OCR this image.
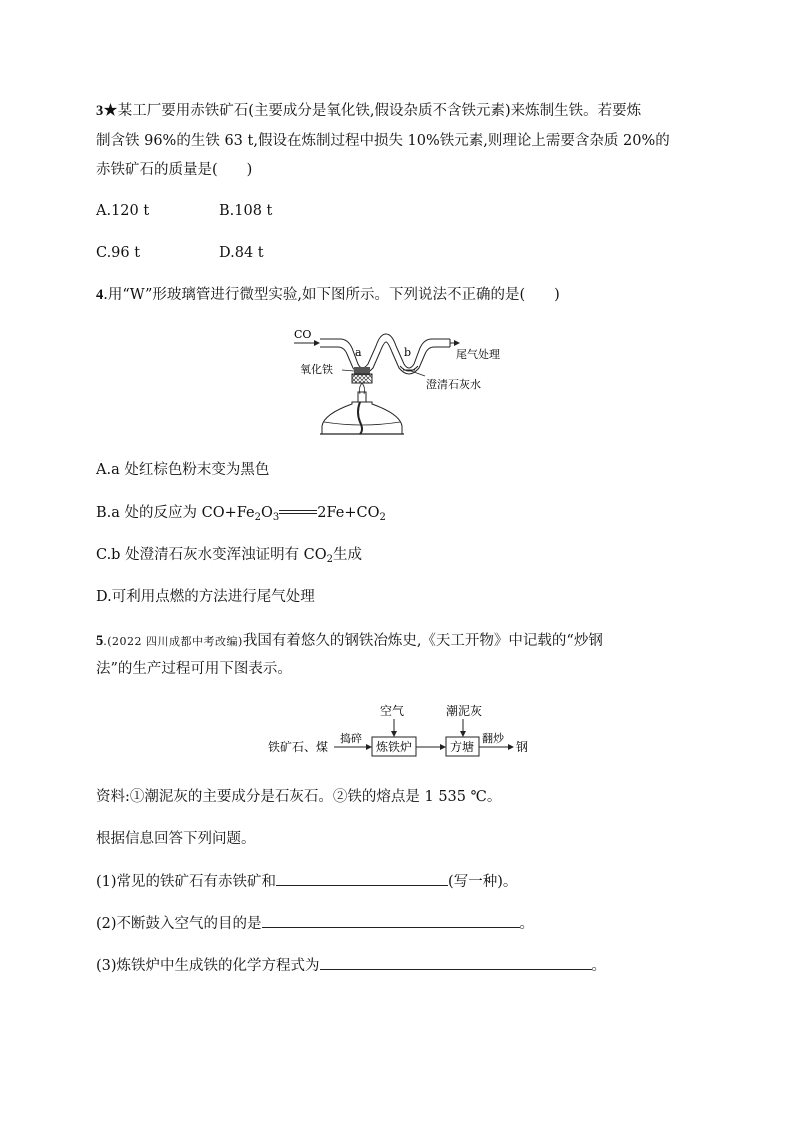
3★某工厂要用赤铁矿石(主要成分是氧化铁,假设杂质不含铁元素)来炼制生铁。若要炼
制含铁 96%的生铁 63 t,假设在炼制过程中损失 10%铁元素,则理论上需要含杂质 20%的
赤铁矿石的质量是(　　)
A.120 t	B.108 t
C.96 t	D.84 t
4.用“W”形玻璃管进行微型实验,如下图所示。下列说法不正确的是(　　)
CO
a	b	尾气处理
氧化铁
澄清石灰水
A.a 处红棕色粉末变为黑色
B.a 处的反应为 $CO+Fe_2O_3$	$2Fe+CO_2$
C.b 处澄清石灰水变浑浊证明有 $CO_2$生成
D.可利用点燃的方法进行尾气处理
5.(2022 四川成都中考改编)我国有着悠久的钢铁冶炼史,《天工开物》中记载的“炒钢
法”的生产过程可用下图表示。
铁矿石、煤
捣碎
炼铁炉
空气
方塘
潮泥灰
翻炒
钢
资料:①潮泥灰的主要成分是石灰石。②铁的熔点是 1 535 ℃。
根据信息回答下列问题。
(1)常见的铁矿石有赤铁矿和	(写一种)。
(2)不断鼓入空气的目的是	。
(3)炼铁炉中生成铁的化学方程式为	。
